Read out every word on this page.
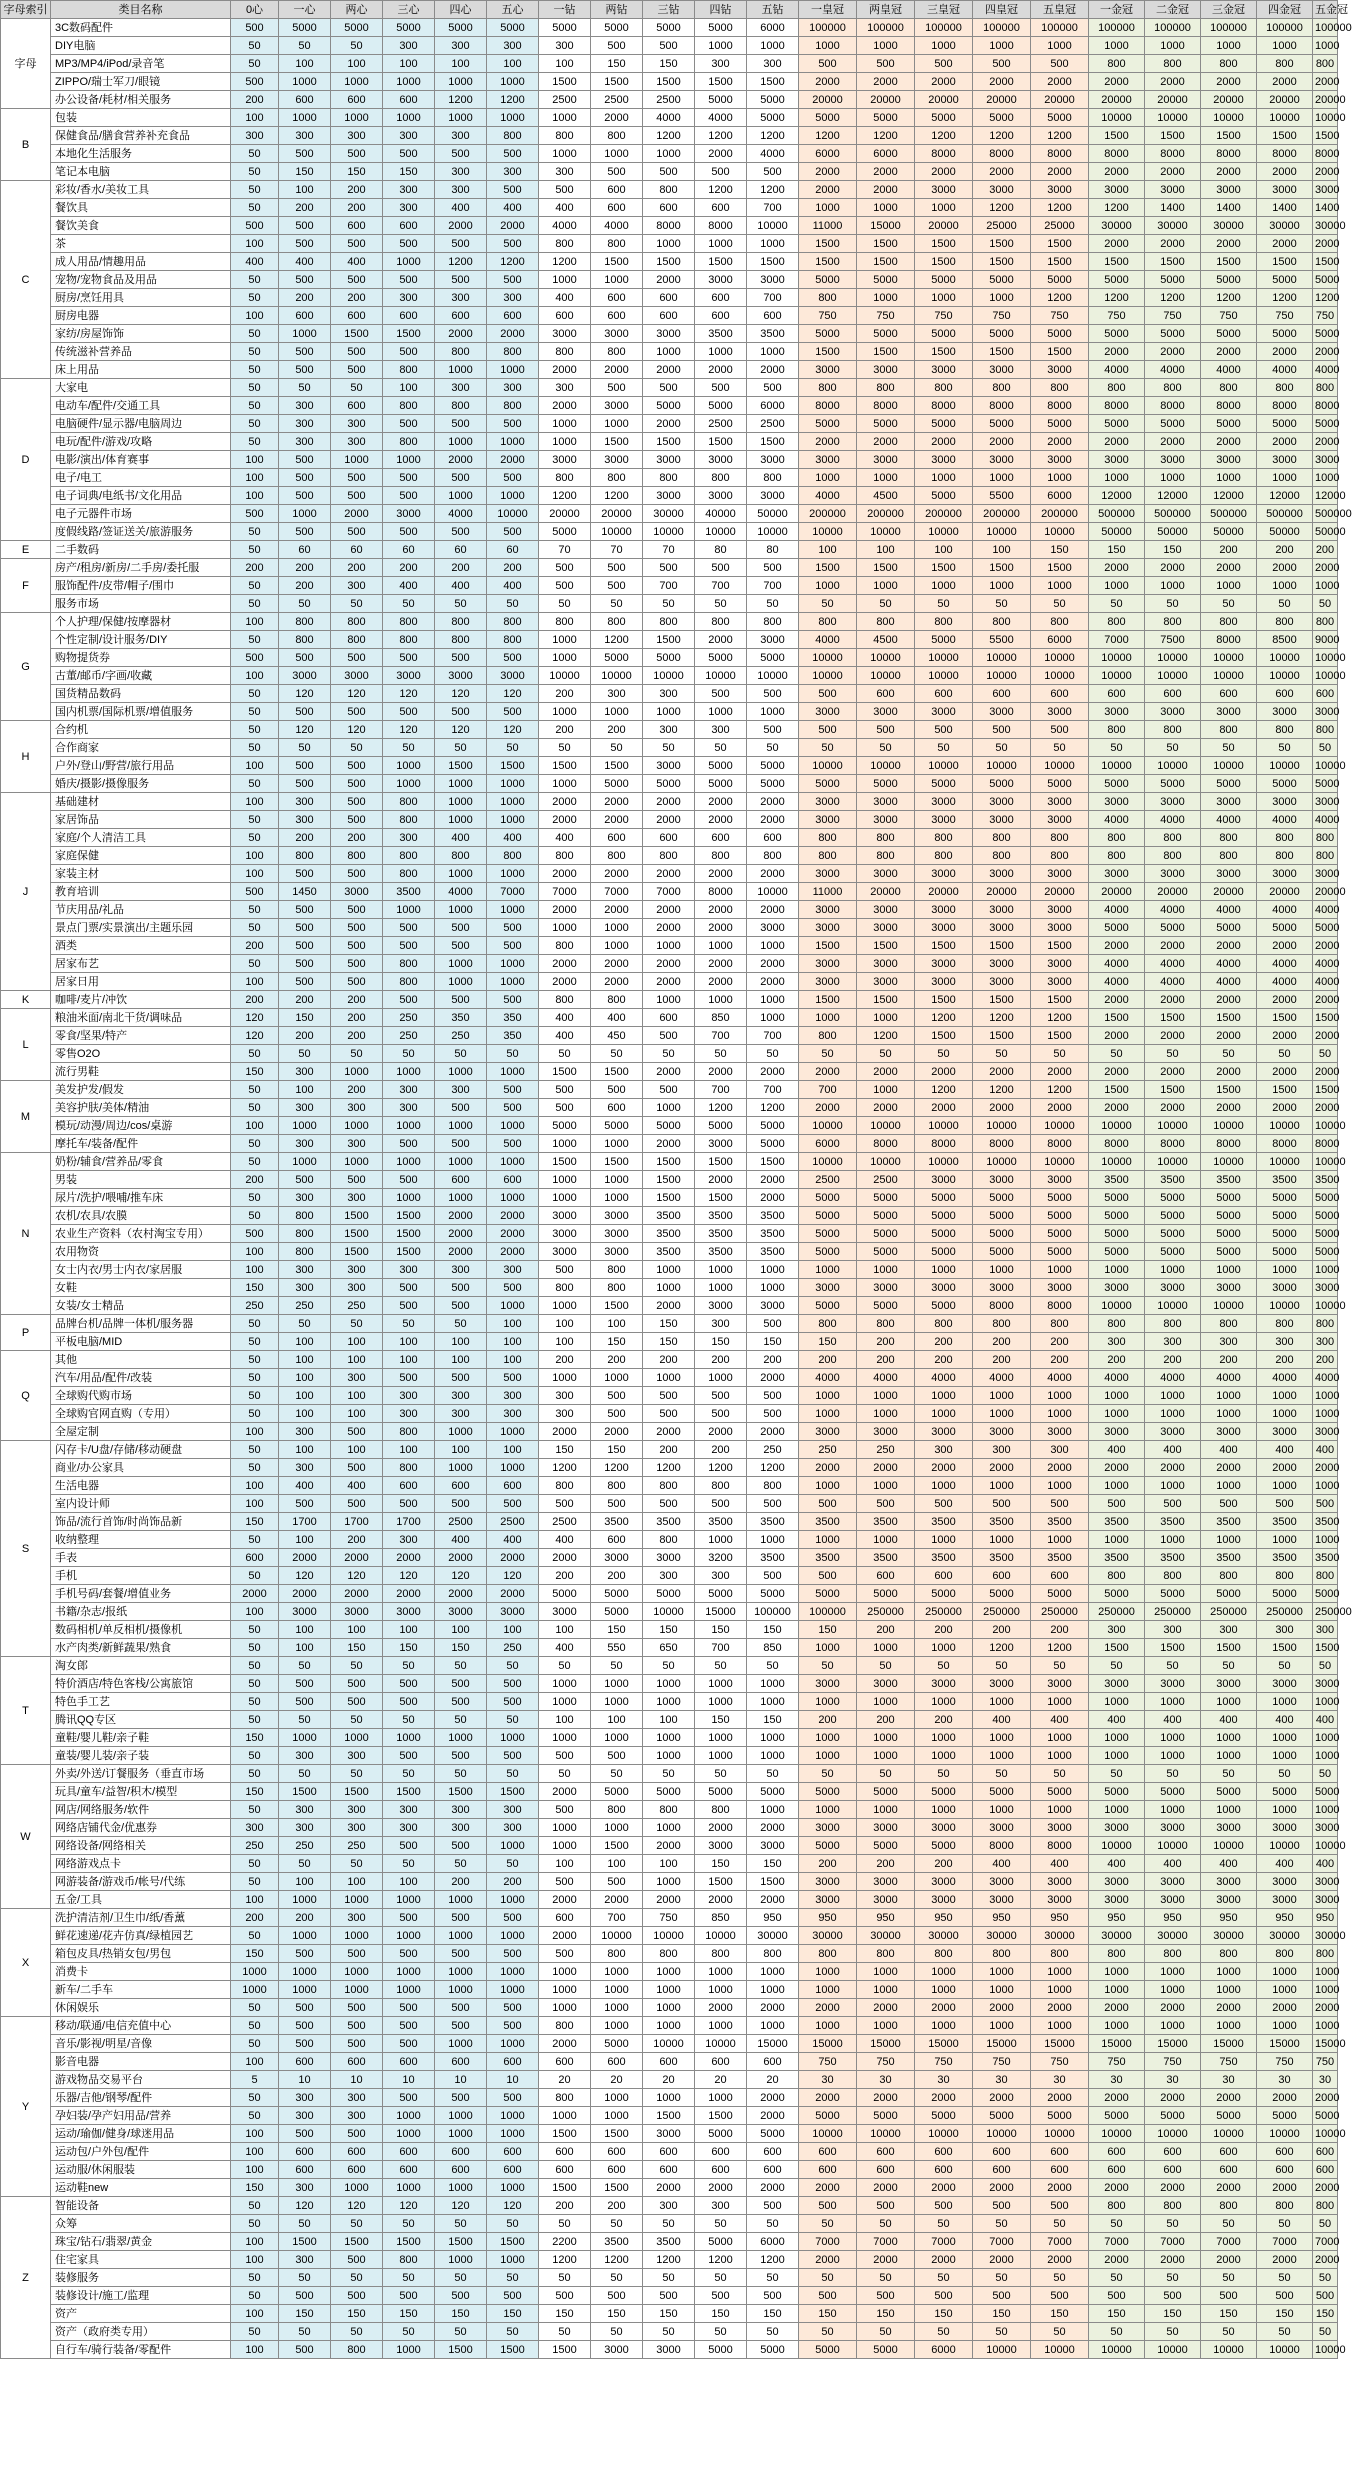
字母索引	类目名称	0心	一心	两心	三心	四心	五心	一钻	两钻	三钻	四钻	五钻	一皇冠	两皇冠	三皇冠	四皇冠	五皇冠	一金冠	二金冠	三金冠	四金冠	五金冠
字母	3C数码配件	500	5000	5000	5000	5000	5000	5000	5000	5000	5000	6000	100000	100000	100000	100000	100000	100000	100000	100000	100000	100000
	DIY电脑	50	50	50	300	300	300	300	500	500	1000	1000	1000	1000	1000	1000	1000	1000	1000	1000	1000	1000
	MP3/MP4/iPod/录音笔	50	100	100	100	100	100	100	150	150	300	300	500	500	500	500	500	800	800	800	800	800
	ZIPPO/瑞士军刀/眼镜	500	1000	1000	1000	1000	1000	1500	1500	1500	1500	1500	2000	2000	2000	2000	2000	2000	2000	2000	2000	2000
	办公设备/耗材/相关服务	200	600	600	600	1200	1200	2500	2500	2500	5000	5000	20000	20000	20000	20000	20000	20000	20000	20000	20000	20000
B	包装	100	1000	1000	1000	1000	1000	1000	2000	4000	4000	5000	5000	5000	5000	5000	5000	10000	10000	10000	10000	10000
	保健食品/膳食营养补充食品	300	300	300	300	300	800	800	800	1200	1200	1200	1200	1200	1200	1200	1200	1500	1500	1500	1500	1500
	本地化生活服务	50	500	500	500	500	500	1000	1000	1000	2000	4000	6000	6000	8000	8000	8000	8000	8000	8000	8000	8000
	笔记本电脑	50	150	150	150	300	300	300	500	500	500	500	2000	2000	2000	2000	2000	2000	2000	2000	2000	2000
C	彩妆/香水/美妆工具	50	100	200	300	300	500	500	600	800	1200	1200	2000	2000	3000	3000	3000	3000	3000	3000	3000	3000
	餐饮具	50	200	200	300	400	400	400	600	600	600	700	1000	1000	1000	1200	1200	1200	1400	1400	1400	1400
	餐饮美食	500	500	600	600	2000	2000	4000	4000	8000	8000	10000	11000	15000	20000	25000	25000	30000	30000	30000	30000	30000
	茶	100	500	500	500	500	500	800	800	1000	1000	1000	1500	1500	1500	1500	1500	2000	2000	2000	2000	2000
	成人用品/情趣用品	400	400	400	1000	1200	1200	1200	1500	1500	1500	1500	1500	1500	1500	1500	1500	1500	1500	1500	1500	1500
	宠物/宠物食品及用品	50	500	500	500	500	500	1000	1000	2000	3000	3000	5000	5000	5000	5000	5000	5000	5000	5000	5000	5000
	厨房/烹饪用具	50	200	200	300	300	300	400	600	600	600	700	800	1000	1000	1000	1200	1200	1200	1200	1200	1200
	厨房电器	100	600	600	600	600	600	600	600	600	600	600	750	750	750	750	750	750	750	750	750	750
	家纺/房屋饰饰	50	1000	1500	1500	2000	2000	3000	3000	3000	3500	3500	5000	5000	5000	5000	5000	5000	5000	5000	5000	5000
	传统滋补营养品	50	500	500	500	800	800	800	800	1000	1000	1000	1500	1500	1500	1500	1500	2000	2000	2000	2000	2000
	床上用品	50	500	500	800	1000	1000	2000	2000	2000	2000	2000	3000	3000	3000	3000	3000	4000	4000	4000	4000	4000
D	大家电	50	50	50	100	300	300	300	500	500	500	500	800	800	800	800	800	800	800	800	800	800
	电动车/配件/交通工具	50	300	600	800	800	800	2000	3000	5000	5000	6000	8000	8000	8000	8000	8000	8000	8000	8000	8000	8000
	电脑硬件/显示器/电脑周边	50	300	300	500	500	500	1000	1000	2000	2500	2500	5000	5000	5000	5000	5000	5000	5000	5000	5000	5000
	电玩/配件/游戏/攻略	50	300	300	800	1000	1000	1000	1500	1500	1500	1500	2000	2000	2000	2000	2000	2000	2000	2000	2000	2000
	电影/演出/体育赛事	100	500	1000	1000	2000	2000	3000	3000	3000	3000	3000	3000	3000	3000	3000	3000	3000	3000	3000	3000	3000
	电子/电工	100	500	500	500	500	500	800	800	800	800	800	1000	1000	1000	1000	1000	1000	1000	1000	1000	1000
	电子词典/电纸书/文化用品	100	500	500	500	1000	1000	1200	1200	3000	3000	3000	4000	4500	5000	5500	6000	12000	12000	12000	12000	12000
	电子元器件市场	500	1000	2000	3000	4000	10000	20000	20000	30000	40000	50000	200000	200000	200000	200000	200000	500000	500000	500000	500000	500000
	度假线路/签证送关/旅游服务	50	500	500	500	500	500	5000	10000	10000	10000	10000	10000	10000	10000	10000	10000	50000	50000	50000	50000	50000
E	二手数码	50	60	60	60	60	60	70	70	70	80	80	100	100	100	100	150	150	150	200	200	200
F	房产/租房/新房/二手房/委托服	200	200	200	200	200	200	500	500	500	500	500	1500	1500	1500	1500	1500	2000	2000	2000	2000	2000
	服饰配件/皮带/帽子/围巾	50	200	300	400	400	400	500	500	700	700	700	1000	1000	1000	1000	1000	1000	1000	1000	1000	1000
	服务市场	50	50	50	50	50	50	50	50	50	50	50	50	50	50	50	50	50	50	50	50	50
G	个人护理/保健/按摩器材	100	800	800	800	800	800	800	800	800	800	800	800	800	800	800	800	800	800	800	800	800
	个性定制/设计服务/DIY	50	800	800	800	800	800	1000	1200	1500	2000	3000	4000	4500	5000	5500	6000	7000	7500	8000	8500	9000
	购物提货券	500	500	500	500	500	500	1000	5000	5000	5000	5000	10000	10000	10000	10000	10000	10000	10000	10000	10000	10000
	古董/邮币/字画/收藏	100	3000	3000	3000	3000	3000	10000	10000	10000	10000	10000	10000	10000	10000	10000	10000	10000	10000	10000	10000	10000
	国货精品数码	50	120	120	120	120	120	200	300	300	500	500	500	600	600	600	600	600	600	600	600	600
	国内机票/国际机票/增值服务	50	500	500	500	500	500	1000	1000	1000	1000	1000	3000	3000	3000	3000	3000	3000	3000	3000	3000	3000
H	合约机	50	120	120	120	120	120	200	200	300	300	500	500	500	500	500	500	800	800	800	800	800
	合作商家	50	50	50	50	50	50	50	50	50	50	50	50	50	50	50	50	50	50	50	50	50
	户外/登山/野营/旅行用品	100	500	500	1000	1500	1500	1500	1500	3000	5000	5000	10000	10000	10000	10000	10000	10000	10000	10000	10000	10000
	婚庆/摄影/摄像服务	50	500	500	1000	1000	1000	1000	5000	5000	5000	5000	5000	5000	5000	5000	5000	5000	5000	5000	5000	5000
J	基础建材	100	300	500	800	1000	1000	2000	2000	2000	2000	2000	3000	3000	3000	3000	3000	3000	3000	3000	3000	3000
	家居饰品	50	300	500	800	1000	1000	2000	2000	2000	2000	2000	3000	3000	3000	3000	3000	4000	4000	4000	4000	4000
	家庭/个人清洁工具	50	200	200	300	400	400	400	600	600	600	600	800	800	800	800	800	800	800	800	800	800
	家庭保健	100	800	800	800	800	800	800	800	800	800	800	800	800	800	800	800	800	800	800	800	800
	家装主材	100	500	500	800	1000	1000	2000	2000	2000	2000	2000	3000	3000	3000	3000	3000	3000	3000	3000	3000	3000
	教育培训	500	1450	3000	3500	4000	7000	7000	7000	7000	8000	10000	11000	20000	20000	20000	20000	20000	20000	20000	20000	20000
	节庆用品/礼品	50	500	500	1000	1000	1000	2000	2000	2000	2000	2000	3000	3000	3000	3000	3000	4000	4000	4000	4000	4000
	景点门票/实景演出/主题乐园	50	500	500	500	500	500	1000	1000	2000	2000	3000	3000	3000	3000	3000	3000	5000	5000	5000	5000	5000
	酒类	200	500	500	500	500	500	800	1000	1000	1000	1000	1500	1500	1500	1500	1500	2000	2000	2000	2000	2000
	居家布艺	50	500	500	800	1000	1000	2000	2000	2000	2000	2000	3000	3000	3000	3000	3000	4000	4000	4000	4000	4000
	居家日用	100	500	500	800	1000	1000	2000	2000	2000	2000	2000	3000	3000	3000	3000	3000	4000	4000	4000	4000	4000
K	咖啡/麦片/冲饮	200	200	200	500	500	500	800	800	1000	1000	1000	1500	1500	1500	1500	1500	2000	2000	2000	2000	2000
L	粮油米面/南北干货/调味品	120	150	200	250	350	350	400	400	600	850	1000	1000	1000	1200	1200	1200	1500	1500	1500	1500	1500
	零食/坚果/特产	120	200	200	250	250	350	400	450	500	700	700	800	1200	1500	1500	1500	2000	2000	2000	2000	2000
	零售O2O	50	50	50	50	50	50	50	50	50	50	50	50	50	50	50	50	50	50	50	50	50
	流行男鞋	150	300	1000	1000	1000	1000	1500	1500	2000	2000	2000	2000	2000	2000	2000	2000	2000	2000	2000	2000	2000
M	美发护发/假发	50	100	200	300	300	500	500	500	500	700	700	700	1000	1200	1200	1200	1500	1500	1500	1500	1500
	美容护肤/美体/精油	50	300	300	300	500	500	500	600	1000	1200	1200	2000	2000	2000	2000	2000	2000	2000	2000	2000	2000
	模玩/动漫/周边/cos/桌游	100	1000	1000	1000	1000	1000	5000	5000	5000	5000	5000	10000	10000	10000	10000	10000	10000	10000	10000	10000	10000
	摩托车/装备/配件	50	300	300	500	500	500	1000	1000	2000	3000	5000	6000	8000	8000	8000	8000	8000	8000	8000	8000	8000
N	奶粉/辅食/营养品/零食	50	1000	1000	1000	1000	1000	1500	1500	1500	1500	1500	10000	10000	10000	10000	10000	10000	10000	10000	10000	10000
	男装	200	500	500	500	600	600	1000	1000	1500	2000	2000	2500	2500	3000	3000	3000	3500	3500	3500	3500	3500
	尿片/洗护/喂哺/推车床	50	300	300	1000	1000	1000	1000	1000	1500	1500	2000	5000	5000	5000	5000	5000	5000	5000	5000	5000	5000
	农机/农具/农膜	50	800	1500	1500	2000	2000	3000	3000	3500	3500	3500	5000	5000	5000	5000	5000	5000	5000	5000	5000	5000
	农业生产资料（农村淘宝专用）	500	800	1500	1500	2000	2000	3000	3000	3500	3500	3500	5000	5000	5000	5000	5000	5000	5000	5000	5000	5000
	农用物资	100	800	1500	1500	2000	2000	3000	3000	3500	3500	3500	5000	5000	5000	5000	5000	5000	5000	5000	5000	5000
	女士内衣/男士内衣/家居服	100	300	300	300	300	300	500	800	1000	1000	1000	1000	1000	1000	1000	1000	1000	1000	1000	1000	1000
	女鞋	150	300	300	500	500	500	800	800	1000	1000	1000	3000	3000	3000	3000	3000	3000	3000	3000	3000	3000
	女装/女士精品	250	250	250	500	500	1000	1000	1500	2000	3000	3000	5000	5000	5000	8000	8000	10000	10000	10000	10000	10000
P	品牌台机/品牌一体机/服务器	50	50	50	50	50	100	100	100	150	300	500	800	800	800	800	800	800	800	800	800	800
	平板电脑/MID	50	100	100	100	100	100	100	150	150	150	150	150	200	200	200	200	300	300	300	300	300
Q	其他	50	100	100	100	100	100	200	200	200	200	200	200	200	200	200	200	200	200	200	200	200
	汽车/用品/配件/改装	50	100	300	500	500	500	1000	1000	1000	1000	2000	4000	4000	4000	4000	4000	4000	4000	4000	4000	4000
	全球购代购市场	50	100	100	300	300	300	300	500	500	500	500	1000	1000	1000	1000	1000	1000	1000	1000	1000	1000
	全球购官网直购（专用）	50	100	100	300	300	300	300	500	500	500	500	1000	1000	1000	1000	1000	1000	1000	1000	1000	1000
	全屋定制	100	300	500	800	1000	1000	2000	2000	2000	2000	2000	3000	3000	3000	3000	3000	3000	3000	3000	3000	3000
S	闪存卡/U盘/存储/移动硬盘	50	100	100	100	100	100	150	150	200	200	250	250	250	300	300	300	400	400	400	400	400
	商业/办公家具	50	300	500	800	1000	1000	1200	1200	1200	1200	1200	2000	2000	2000	2000	2000	2000	2000	2000	2000	2000
	生活电器	100	400	400	600	600	600	800	800	800	800	800	1000	1000	1000	1000	1000	1000	1000	1000	1000	1000
	室内设计师	100	500	500	500	500	500	500	500	500	500	500	500	500	500	500	500	500	500	500	500	500
	饰品/流行首饰/时尚饰品新	150	1700	1700	1700	2500	2500	2500	3500	3500	3500	3500	3500	3500	3500	3500	3500	3500	3500	3500	3500	3500
	收纳整理	50	100	200	300	400	400	400	600	800	1000	1000	1000	1000	1000	1000	1000	1000	1000	1000	1000	1000
	手表	600	2000	2000	2000	2000	2000	2000	3000	3000	3200	3500	3500	3500	3500	3500	3500	3500	3500	3500	3500	3500
	手机	50	120	120	120	120	120	200	200	300	300	500	500	600	600	600	600	800	800	800	800	800
	手机号码/套餐/增值业务	2000	2000	2000	2000	2000	2000	5000	5000	5000	5000	5000	5000	5000	5000	5000	5000	5000	5000	5000	5000	5000
	书籍/杂志/报纸	100	3000	3000	3000	3000	3000	3000	5000	10000	15000	100000	100000	250000	250000	250000	250000	250000	250000	250000	250000	250000
	数码相机/单反相机/摄像机	50	100	100	100	100	100	100	150	150	150	150	150	200	200	200	200	300	300	300	300	300
	水产肉类/新鲜蔬果/熟食	50	100	150	150	150	250	400	550	650	700	850	1000	1000	1000	1200	1200	1500	1500	1500	1500	1500
T	淘女郎	50	50	50	50	50	50	50	50	50	50	50	50	50	50	50	50	50	50	50	50	50
	特价酒店/特色客栈/公寓旅馆	50	500	500	500	500	500	1000	1000	1000	1000	1000	3000	3000	3000	3000	3000	3000	3000	3000	3000	3000
	特色手工艺	50	500	500	500	500	500	1000	1000	1000	1000	1000	1000	1000	1000	1000	1000	1000	1000	1000	1000	1000
	腾讯QQ专区	50	50	50	50	50	50	100	100	100	150	150	200	200	200	400	400	400	400	400	400	400
	童鞋/婴儿鞋/亲子鞋	150	1000	1000	1000	1000	1000	1000	1000	1000	1000	1000	1000	1000	1000	1000	1000	1000	1000	1000	1000	1000
	童装/婴儿装/亲子装	50	300	300	500	500	500	500	500	1000	1000	1000	1000	1000	1000	1000	1000	1000	1000	1000	1000	1000
W	外卖/外送/订餐服务（垂直市场	50	50	50	50	50	50	50	50	50	50	50	50	50	50	50	50	50	50	50	50	50
	玩具/童车/益智/积木/模型	150	1500	1500	1500	1500	1500	2000	5000	5000	5000	5000	5000	5000	5000	5000	5000	5000	5000	5000	5000	5000
	网店/网络服务/软件	50	300	300	300	300	300	500	800	800	800	1000	1000	1000	1000	1000	1000	1000	1000	1000	1000	1000
	网络店铺代金/优惠券	300	300	300	300	300	300	1000	1000	1000	2000	2000	3000	3000	3000	3000	3000	3000	3000	3000	3000	3000
	网络设备/网络相关	250	250	250	500	500	1000	1000	1500	2000	3000	3000	5000	5000	5000	8000	8000	10000	10000	10000	10000	10000
	网络游戏点卡	50	50	50	50	50	50	100	100	100	150	150	200	200	200	400	400	400	400	400	400	400
	网游装备/游戏币/帐号/代练	50	100	100	100	200	200	500	500	1000	1500	1500	3000	3000	3000	3000	3000	3000	3000	3000	3000	3000
	五金/工具	100	1000	1000	1000	1000	1000	2000	2000	2000	2000	2000	3000	3000	3000	3000	3000	3000	3000	3000	3000	3000
X	洗护清洁剂/卫生巾/纸/香薰	200	200	300	500	500	500	600	700	750	850	950	950	950	950	950	950	950	950	950	950	950
	鲜花速递/花卉仿真/绿植园艺	50	1000	1000	1000	1000	1000	2000	10000	10000	10000	30000	30000	30000	30000	30000	30000	30000	30000	30000	30000	30000
	箱包皮具/热销女包/男包	150	500	500	500	500	500	500	800	800	800	800	800	800	800	800	800	800	800	800	800	800
	消费卡	1000	1000	1000	1000	1000	1000	1000	1000	1000	1000	1000	1000	1000	1000	1000	1000	1000	1000	1000	1000	1000
	新车/二手车	1000	1000	1000	1000	1000	1000	1000	1000	1000	1000	1000	1000	1000	1000	1000	1000	1000	1000	1000	1000	1000
	休闲娱乐	50	500	500	500	500	500	1000	1000	1000	2000	2000	2000	2000	2000	2000	2000	2000	2000	2000	2000	2000
Y	移动/联通/电信充值中心	50	500	500	500	500	500	800	1000	1000	1000	1000	1000	1000	1000	1000	1000	1000	1000	1000	1000	1000
	音乐/影视/明星/音像	50	500	500	500	1000	1000	2000	5000	10000	10000	15000	15000	15000	15000	15000	15000	15000	15000	15000	15000	15000
	影音电器	100	600	600	600	600	600	600	600	600	600	600	750	750	750	750	750	750	750	750	750	750
	游戏物品交易平台	5	10	10	10	10	10	20	20	20	20	20	30	30	30	30	30	30	30	30	30	30
	乐器/吉他/钢琴/配件	50	300	300	500	500	500	800	1000	1000	1000	2000	2000	2000	2000	2000	2000	2000	2000	2000	2000	2000
	孕妇装/孕产妇用品/营养	50	300	300	1000	1000	1000	1000	1000	1500	1500	2000	5000	5000	5000	5000	5000	5000	5000	5000	5000	5000
	运动/瑜伽/健身/球迷用品	100	500	500	1000	1000	1000	1500	1500	3000	5000	5000	10000	10000	10000	10000	10000	10000	10000	10000	10000	10000
	运动包/户外包/配件	100	600	600	600	600	600	600	600	600	600	600	600	600	600	600	600	600	600	600	600	600
	运动服/休闲服装	100	600	600	600	600	600	600	600	600	600	600	600	600	600	600	600	600	600	600	600	600
	运动鞋new	150	300	1000	1000	1000	1000	1500	1500	2000	2000	2000	2000	2000	2000	2000	2000	2000	2000	2000	2000	2000
Z	智能设备	50	120	120	120	120	120	200	200	300	300	500	500	500	500	500	500	800	800	800	800	800
	众筹	50	50	50	50	50	50	50	50	50	50	50	50	50	50	50	50	50	50	50	50	50
	珠宝/钻石/翡翠/黄金	100	1500	1500	1500	1500	1500	2200	3500	3500	5000	6000	7000	7000	7000	7000	7000	7000	7000	7000	7000	7000
	住宅家具	100	300	500	800	1000	1000	1200	1200	1200	1200	1200	2000	2000	2000	2000	2000	2000	2000	2000	2000	2000
	装修服务	50	50	50	50	50	50	50	50	50	50	50	50	50	50	50	50	50	50	50	50	50
	装修设计/施工/监理	50	500	500	500	500	500	500	500	500	500	500	500	500	500	500	500	500	500	500	500	500
	资产	100	150	150	150	150	150	150	150	150	150	150	150	150	150	150	150	150	150	150	150	150
	资产（政府类专用）	50	50	50	50	50	50	50	50	50	50	50	50	50	50	50	50	50	50	50	50	50
	自行车/骑行装备/零配件	100	500	800	1000	1500	1500	1500	3000	3000	5000	5000	5000	5000	6000	10000	10000	10000	10000	10000	10000	10000
